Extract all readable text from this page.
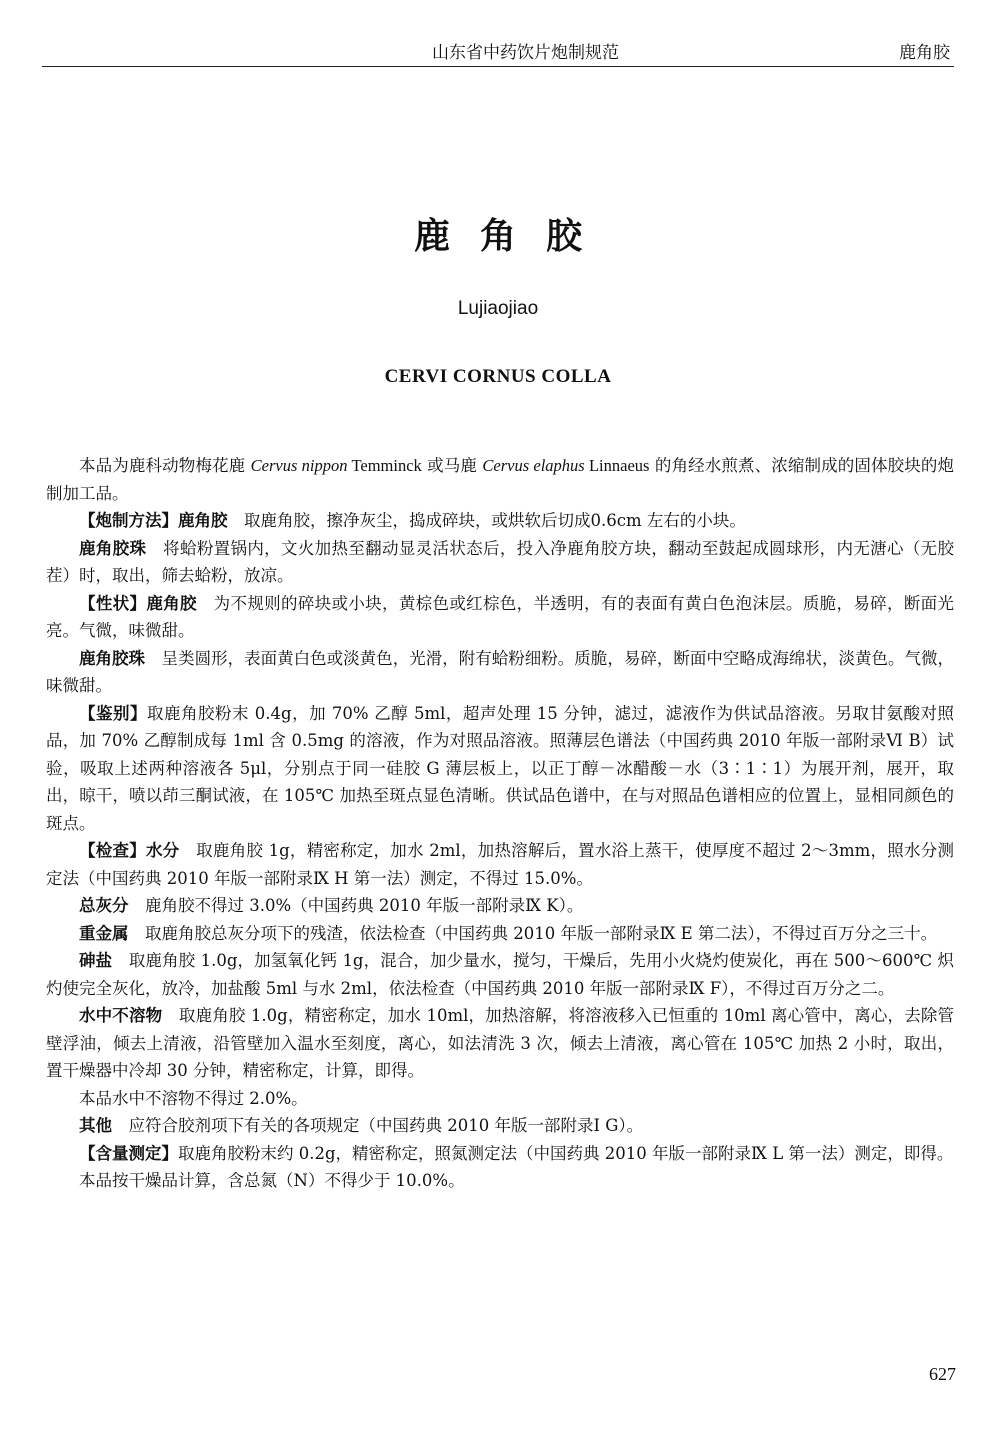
山东省中药饮片炮制规范	鹿角胶
鹿角胶
Lujiaojiao
CERVI CORNUS COLLA

本品为鹿科动物梅花鹿 Cervus nippon Temminck 或马鹿 Cervus elaphus Linnaeus 的角经水煎煮、浓缩制成的固体胶块的炮制加工品。

【炮制方法】鹿角胶　取鹿角胶，擦净灰尘，捣成碎块，或烘软后切成0.6cm 左右的小块。

鹿角胶珠　将蛤粉置锅内，文火加热至翻动显灵活状态后，投入净鹿角胶方块，翻动至鼓起成圆球形，内无溏心（无胶茬）时，取出，筛去蛤粉，放凉。

【性状】鹿角胶　为不规则的碎块或小块，黄棕色或红棕色，半透明，有的表面有黄白色泡沫层。质脆，易碎，断面光亮。气微，味微甜。

鹿角胶珠　呈类圆形，表面黄白色或淡黄色，光滑，附有蛤粉细粉。质脆，易碎，断面中空略成海绵状，淡黄色。气微，味微甜。

【鉴别】取鹿角胶粉末 0.4g，加 70% 乙醇 5ml，超声处理 15 分钟，滤过，滤液作为供试品溶液。另取甘氨酸对照品，加 70% 乙醇制成每 1ml 含 0.5mg 的溶液，作为对照品溶液。照薄层色谱法（中国药典 2010 年版一部附录Ⅵ B）试验，吸取上述两种溶液各 5μl，分别点于同一硅胶 G 薄层板上，以正丁醇－冰醋酸－水（3∶1∶1）为展开剂，展开，取出，晾干，喷以茚三酮试液，在 105℃ 加热至斑点显色清晰。供试品色谱中，在与对照品色谱相应的位置上，显相同颜色的斑点。

【检查】水分　取鹿角胶 1g，精密称定，加水 2ml，加热溶解后，置水浴上蒸干，使厚度不超过 2～3mm，照水分测定法（中国药典 2010 年版一部附录Ⅸ H 第一法）测定，不得过 15.0%。

总灰分　鹿角胶不得过 3.0%（中国药典 2010 年版一部附录Ⅸ K）。

重金属　取鹿角胶总灰分项下的残渣，依法检查（中国药典 2010 年版一部附录Ⅸ E 第二法），不得过百万分之三十。

砷盐　取鹿角胶 1.0g，加氢氧化钙 1g，混合，加少量水，搅匀，干燥后，先用小火烧灼使炭化，再在 500～600℃ 炽灼使完全灰化，放冷，加盐酸 5ml 与水 2ml，依法检查（中国药典 2010 年版一部附录Ⅸ F），不得过百万分之二。

水中不溶物　取鹿角胶 1.0g，精密称定，加水 10ml，加热溶解，将溶液移入已恒重的 10ml 离心管中，离心，去除管壁浮油，倾去上清液，沿管壁加入温水至刻度，离心，如法清洗 3 次，倾去上清液，离心管在 105℃ 加热 2 小时，取出，置干燥器中冷却 30 分钟，精密称定，计算，即得。

本品水中不溶物不得过 2.0%。

其他　应符合胶剂项下有关的各项规定（中国药典 2010 年版一部附录Ⅰ G）。

【含量测定】取鹿角胶粉末约 0.2g，精密称定，照氮测定法（中国药典 2010 年版一部附录Ⅸ L 第一法）测定，即得。

本品按干燥品计算，含总氮（N）不得少于 10.0%。

627
